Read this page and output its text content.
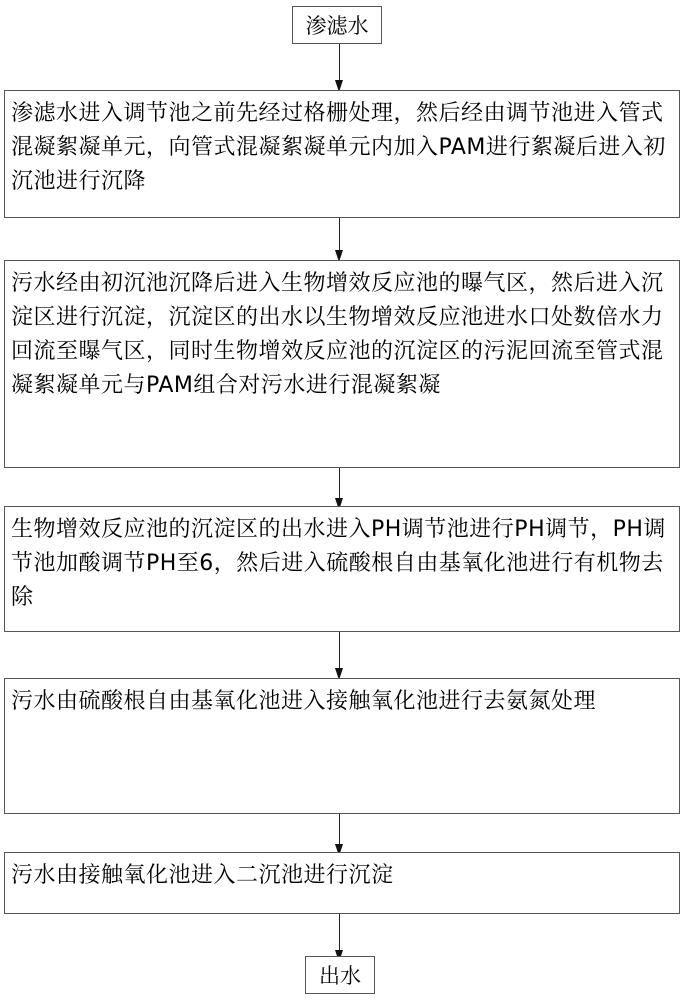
渗滤水
渗滤水进入调节池之前先经过格栅处理，然后经由调节池进入管式混凝絮凝单元，向管式混凝絮凝单元内加入PAM进行絮凝后进入初沉池进行沉降
污水经由初沉池沉降后进入生物增效反应池的曝气区，然后进入沉淀区进行沉淀，沉淀区的出水以生物增效反应池进水口处数倍水力回流至曝气区，同时生物增效反应池的沉淀区的污泥回流至管式混凝絮凝单元与PAM组合对污水进行混凝絮凝
生物增效反应池的沉淀区的出水进入PH调节池进行PH调节，PH调节池加酸调节PH至6，然后进入硫酸根自由基氧化池进行有机物去除
污水由硫酸根自由基氧化池进入接触氧化池进行去氨氮处理
污水由接触氧化池进入二沉池进行沉淀
出水
